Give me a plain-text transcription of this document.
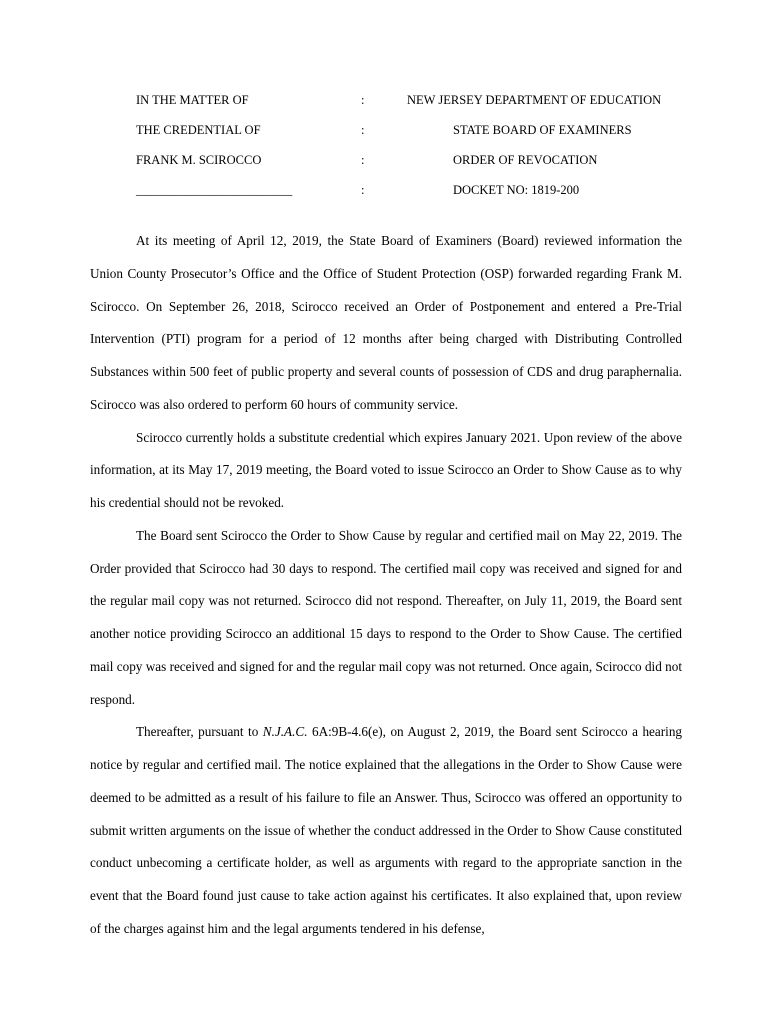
IN THE MATTER OF	:	NEW JERSEY DEPARTMENT OF EDUCATION
THE CREDENTIAL OF	:	STATE BOARD OF EXAMINERS
FRANK M. SCIROCCO	:	ORDER OF REVOCATION
_________________________	:	DOCKET NO: 1819-200

At its meeting of April 12, 2019, the State Board of Examiners (Board) reviewed information the Union County Prosecutor’s Office and the Office of Student Protection (OSP) forwarded regarding Frank M. Scirocco. On September 26, 2018, Scirocco received an Order of Postponement and entered a Pre-Trial Intervention (PTI) program for a period of 12 months after being charged with Distributing Controlled Substances within 500 feet of public property and several counts of possession of CDS and drug paraphernalia. Scirocco was also ordered to perform 60 hours of community service.

Scirocco currently holds a substitute credential which expires January 2021. Upon review of the above information, at its May 17, 2019 meeting, the Board voted to issue Scirocco an Order to Show Cause as to why his credential should not be revoked.

The Board sent Scirocco the Order to Show Cause by regular and certified mail on May 22, 2019. The Order provided that Scirocco had 30 days to respond. The certified mail copy was received and signed for and the regular mail copy was not returned. Scirocco did not respond. Thereafter, on July 11, 2019, the Board sent another notice providing Scirocco an additional 15 days to respond to the Order to Show Cause. The certified mail copy was received and signed for and the regular mail copy was not returned. Once again, Scirocco did not respond.

Thereafter, pursuant to N.J.A.C. 6A:9B-4.6(e), on August 2, 2019, the Board sent Scirocco a hearing notice by regular and certified mail. The notice explained that the allegations in the Order to Show Cause were deemed to be admitted as a result of his failure to file an Answer. Thus, Scirocco was offered an opportunity to submit written arguments on the issue of whether the conduct addressed in the Order to Show Cause constituted conduct unbecoming a certificate holder, as well as arguments with regard to the appropriate sanction in the event that the Board found just cause to take action against his certificates. It also explained that, upon review of the charges against him and the legal arguments tendered in his defense,
